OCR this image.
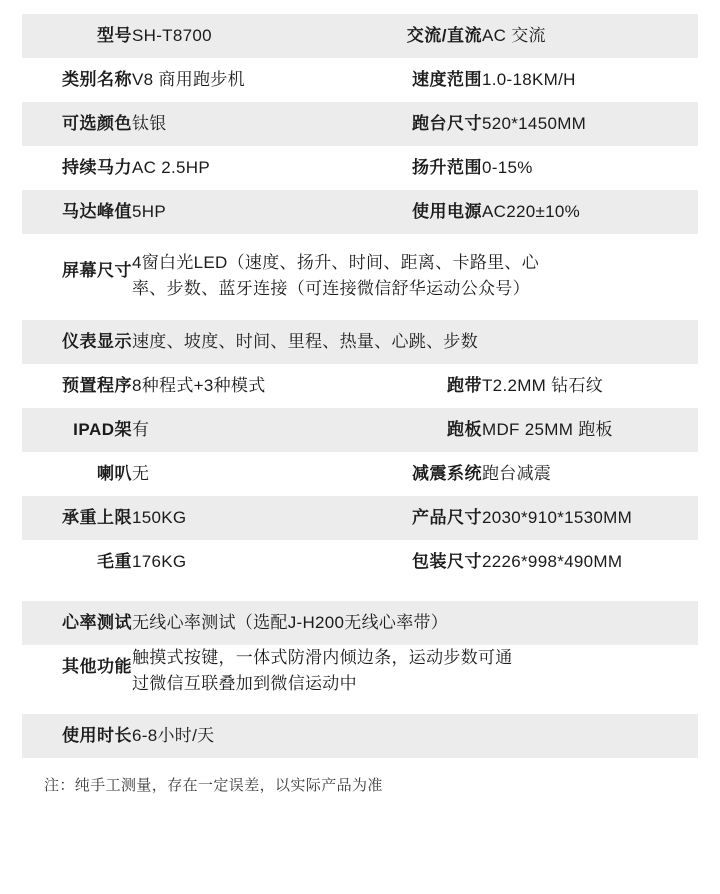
型号	SH-T8700	交流/直流	AC 交流
类别名称	V8 商用跑步机	速度范围	1.0-18KM/H
可选颜色	钛银	跑台尺寸	520*1450MM
持续马力	AC 2.5HP	扬升范围	0-15%
马达峰值	5HP	使用电源	AC220±10%
屏幕尺寸	4窗白光LED（速度、扬升、时间、距离、卡路里、心
率、步数、蓝牙连接（可连接微信舒华运动公众号）
仪表显示	速度、坡度、时间、里程、热量、心跳、步数
预置程序	8种程式+3种模式	跑带	T2.2MM 钻石纹
IPAD架	有	跑板	MDF 25MM 跑板
喇叭	无	减震系统	跑台减震
承重上限	150KG	产品尺寸	2030*910*1530MM
毛重	176KG	包装尺寸	2226*998*490MM
心率测试	无线心率测试（选配J-H200无线心率带）
其他功能	触摸式按键，一体式防滑内倾边条，运动步数可通
过微信互联叠加到微信运动中
使用时长	6-8小时/天
注：纯手工测量，存在一定误差，以实际产品为准
